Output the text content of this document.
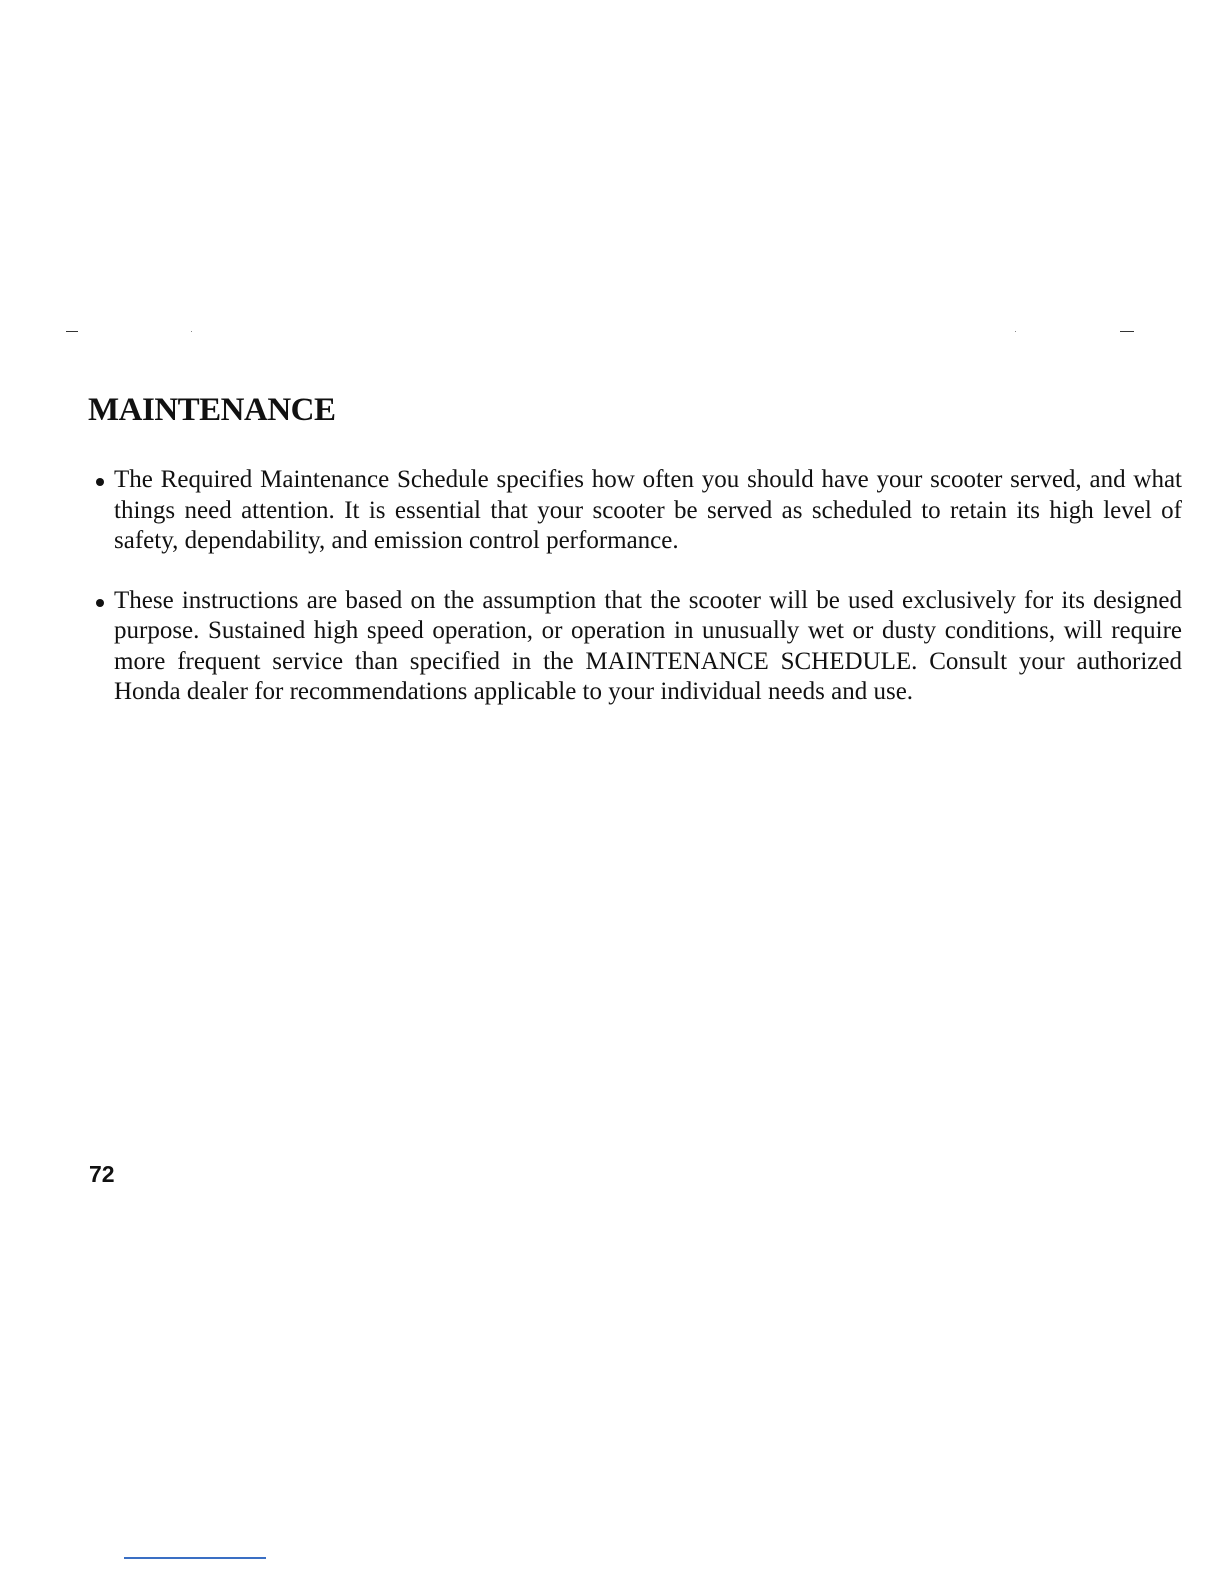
MAINTENANCE
The Required Maintenance Schedule specifies how often you should have your scooter served, and what things need attention. It is essential that your scooter be served as scheduled to retain its high level of safety, dependability, and emission control performance.
These instructions are based on the assumption that the scooter will be used exclusively for its designed purpose. Sustained high speed operation, or operation in unusually wet or dusty conditions, will require more frequent service than specified in the MAINTENANCE SCHEDULE. Consult your authorized Honda dealer for recommendations applicable to your individual needs and use.
72
